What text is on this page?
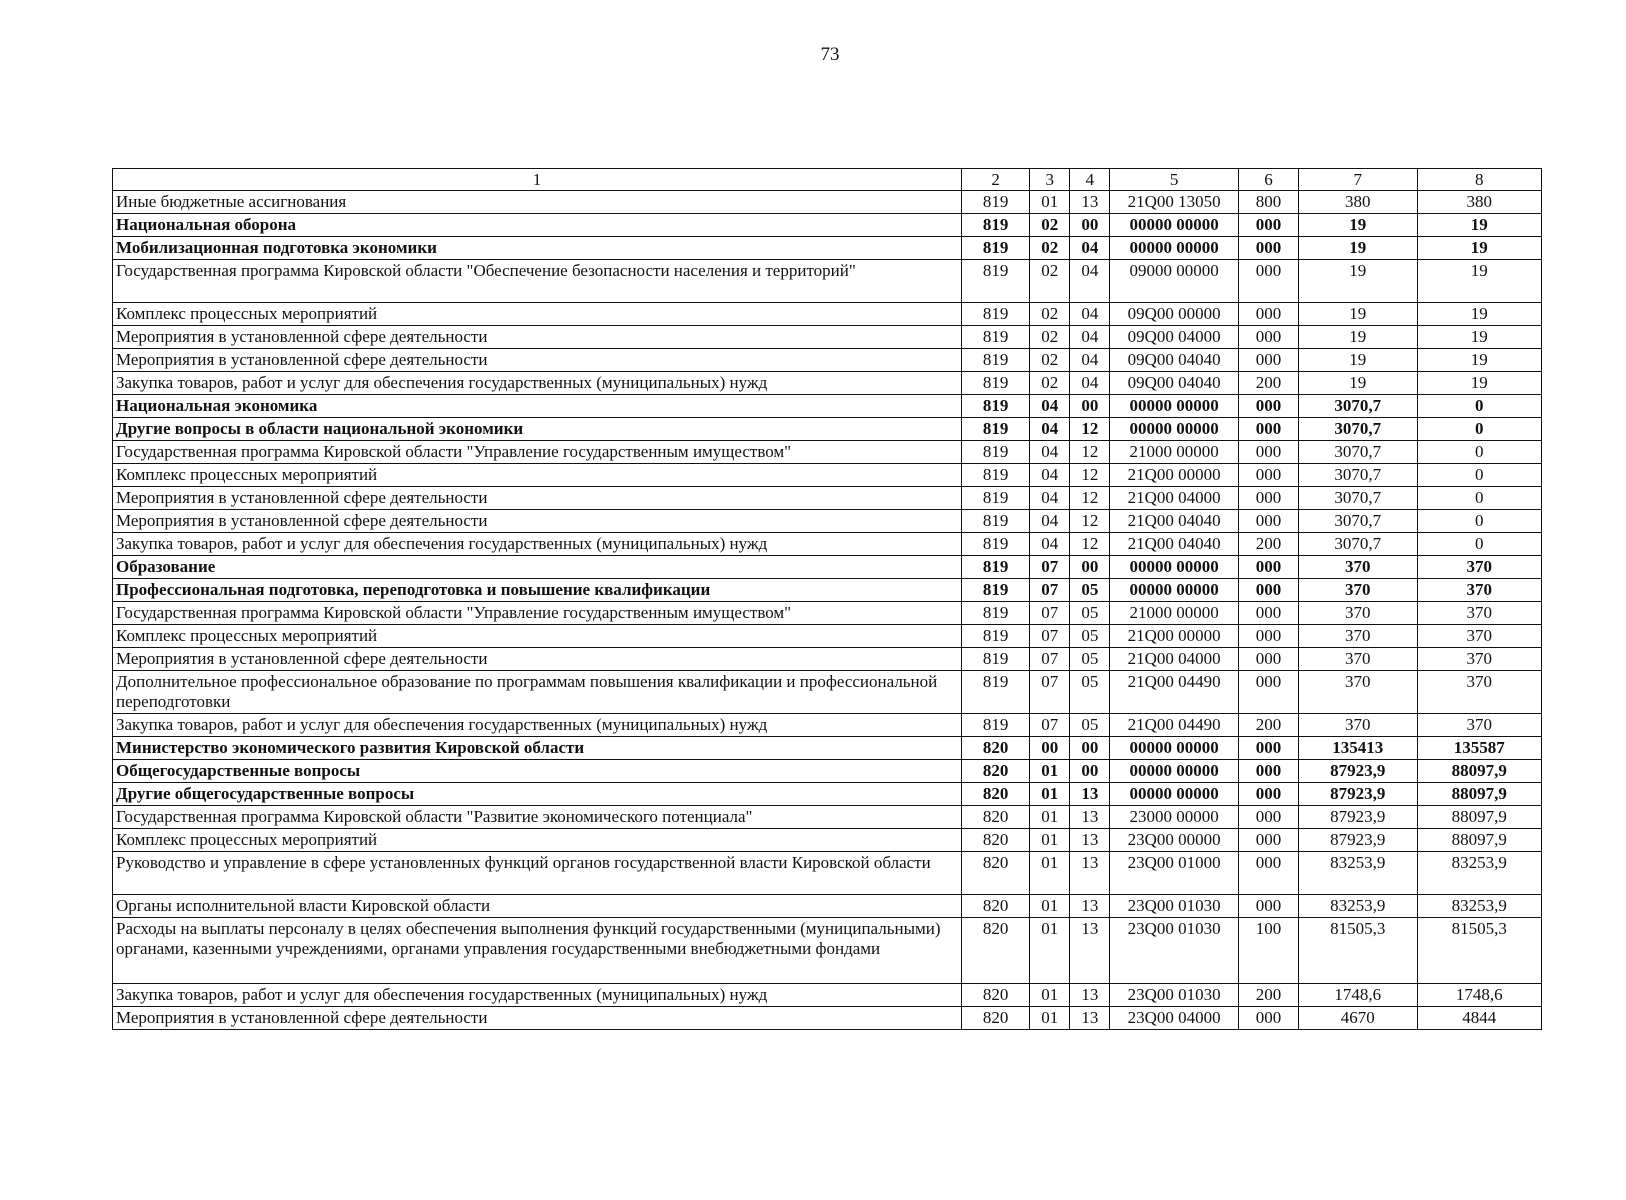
73
1	2	3	4	5	6	7	8
Иные бюджетные ассигнования	819	01	13	21Q00 13050	800	380	380
Национальная оборона	819	02	00	00000 00000	000	19	19
Мобилизационная подготовка экономики	819	02	04	00000 00000	000	19	19
Государственная программа Кировской области "Обеспечение безопасности населения и территорий"	819	02	04	09000 00000	000	19	19
Комплекс процессных мероприятий	819	02	04	09Q00 00000	000	19	19
Мероприятия в установленной сфере деятельности	819	02	04	09Q00 04000	000	19	19
Мероприятия в установленной сфере деятельности	819	02	04	09Q00 04040	000	19	19
Закупка товаров, работ и услуг для обеспечения государственных (муниципальных) нужд	819	02	04	09Q00 04040	200	19	19
Национальная экономика	819	04	00	00000 00000	000	3070,7	0
Другие вопросы в области национальной экономики	819	04	12	00000 00000	000	3070,7	0
Государственная программа Кировской области "Управление государственным имуществом"	819	04	12	21000 00000	000	3070,7	0
Комплекс процессных мероприятий	819	04	12	21Q00 00000	000	3070,7	0
Мероприятия в установленной сфере деятельности	819	04	12	21Q00 04000	000	3070,7	0
Мероприятия в установленной сфере деятельности	819	04	12	21Q00 04040	000	3070,7	0
Закупка товаров, работ и услуг для обеспечения государственных (муниципальных) нужд	819	04	12	21Q00 04040	200	3070,7	0
Образование	819	07	00	00000 00000	000	370	370
Профессиональная подготовка, переподготовка и повышение квалификации	819	07	05	00000 00000	000	370	370
Государственная программа Кировской области "Управление государственным имуществом"	819	07	05	21000 00000	000	370	370
Комплекс процессных мероприятий	819	07	05	21Q00 00000	000	370	370
Мероприятия в установленной сфере деятельности	819	07	05	21Q00 04000	000	370	370
Дополнительное профессиональное образование по программам повышения квалификации и профессиональной переподготовки	819	07	05	21Q00 04490	000	370	370
Закупка товаров, работ и услуг для обеспечения государственных (муниципальных) нужд	819	07	05	21Q00 04490	200	370	370
Министерство экономического развития Кировской области	820	00	00	00000 00000	000	135413	135587
Общегосударственные вопросы	820	01	00	00000 00000	000	87923,9	88097,9
Другие общегосударственные вопросы	820	01	13	00000 00000	000	87923,9	88097,9
Государственная программа Кировской области "Развитие экономического потенциала"	820	01	13	23000 00000	000	87923,9	88097,9
Комплекс процессных мероприятий	820	01	13	23Q00 00000	000	87923,9	88097,9
Руководство и управление в сфере установленных функций органов государственной власти Кировской области	820	01	13	23Q00 01000	000	83253,9	83253,9
Органы исполнительной власти Кировской области	820	01	13	23Q00 01030	000	83253,9	83253,9
Расходы на выплаты персоналу в целях обеспечения выполнения функций государственными (муниципальными) органами, казенными учреждениями, органами управления государственными внебюджетными фондами	820	01	13	23Q00 01030	100	81505,3	81505,3
Закупка товаров, работ и услуг для обеспечения государственных (муниципальных) нужд	820	01	13	23Q00 01030	200	1748,6	1748,6
Мероприятия в установленной сфере деятельности	820	01	13	23Q00 04000	000	4670	4844
